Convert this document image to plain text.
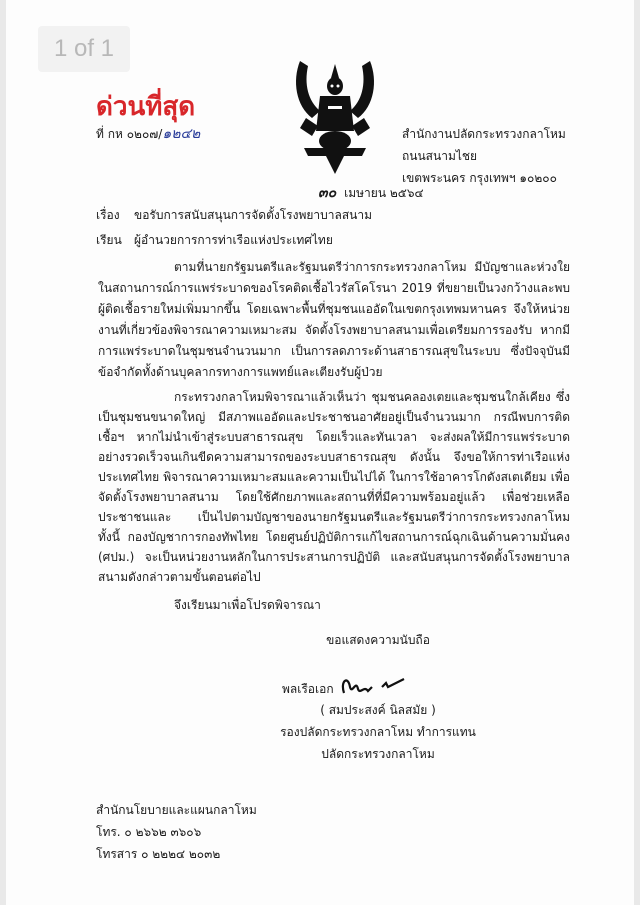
1 of 1
ด่วนที่สุด
ที่ กห ๐๒๐๗/๑๒๔๒	สำนักงานปลัดกระทรวงกลาโหม
ถนนสนามไชย
เขตพระนคร กรุงเทพฯ ๑๐๒๐๐
๓๐ เมษายน ๒๕๖๔
เรื่อง ขอรับการสนับสนุนการจัดตั้งโรงพยาบาลสนาม
เรียน ผู้อำนวยการการท่าเรือแห่งประเทศไทย

ตามที่นายกรัฐมนตรีและรัฐมนตรีว่าการกระทรวงกลาโหม มีบัญชาและห่วงใยในสถานการณ์การแพร่ระบาดของโรคติดเชื้อไวรัสโคโรนา 2019 ที่ขยายเป็นวงกว้างและพบผู้ติดเชื้อรายใหม่เพิ่มมากขึ้น โดยเฉพาะพื้นที่ชุมชนแออัดในเขตกรุงเทพมหานคร จึงให้หน่วยงานที่เกี่ยวข้องพิจารณาความเหมาะสม จัดตั้งโรงพยาบาลสนามเพื่อเตรียมการรองรับ หากมีการแพร่ระบาดในชุมชนจำนวนมาก เป็นการลดภาระด้านสาธารณสุขในระบบ ซึ่งปัจจุบันมีข้อจำกัดทั้งด้านบุคลากรทางการแพทย์และเตียงรับผู้ป่วย

กระทรวงกลาโหมพิจารณาแล้วเห็นว่า ชุมชนคลองเตยและชุมชนใกล้เคียง ซึ่งเป็นชุมชนขนาดใหญ่ มีสภาพแออัดและประชาชนอาศัยอยู่เป็นจำนวนมาก กรณีพบการติดเชื้อฯ หากไม่นำเข้าสู่ระบบสาธารณสุข โดยเร็วและทันเวลา จะส่งผลให้มีการแพร่ระบาดอย่างรวดเร็วจนเกินขีดความสามารถของระบบสาธารณสุข ดังนั้น จึงขอให้การท่าเรือแห่งประเทศไทย พิจารณาความเหมาะสมและความเป็นไปได้ ในการใช้อาคารโกดังสเตเดียม เพื่อจัดตั้งโรงพยาบาลสนาม โดยใช้ศักยภาพและสถานที่ที่มีความพร้อมอยู่แล้ว เพื่อช่วยเหลือประชาชนและ เป็นไปตามบัญชาของนายกรัฐมนตรีและรัฐมนตรีว่าการกระทรวงกลาโหม ทั้งนี้ กองบัญชาการกองทัพไทย โดยศูนย์ปฏิบัติการแก้ไขสถานการณ์ฉุกเฉินด้านความมั่นคง (ศปม.) จะเป็นหน่วยงานหลักในการประสานการปฏิบัติ และสนับสนุนการจัดตั้งโรงพยาบาลสนามดังกล่าวตามขั้นตอนต่อไป

จึงเรียนมาเพื่อโปรดพิจารณา
ขอแสดงความนับถือ
พลเรือเอก
( สมประสงค์ นิลสมัย )
รองปลัดกระทรวงกลาโหม ทำการแทน
ปลัดกระทรวงกลาโหม
สำนักนโยบายและแผนกลาโหม
โทร. ๐ ๒๖๖๒ ๓๖๐๖
โทรสาร ๐ ๒๒๒๔ ๒๐๓๒
